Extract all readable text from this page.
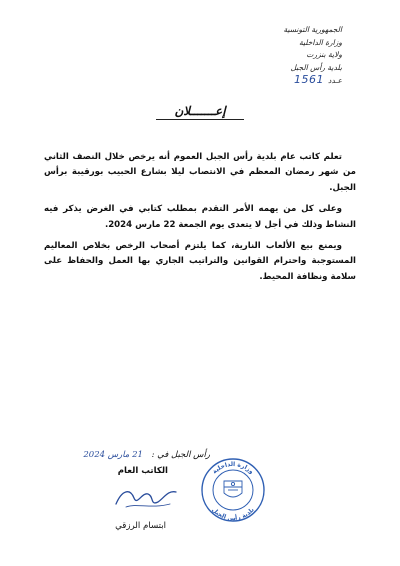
الجمهورية التونسية
وزارة الداخلية
ولاية بنزرت
بلدية رأس الجبل
عـدد
1561
إعـــــــلان

تعلم كاتب عام بلدية رأس الجبل العموم أنه يرخص خلال النصف الثاني من شهر رمضان المعظم في الانتصاب ليلا بشارع الحبيب بورقيبة برأس الجبل.

وعلى كل من يهمه الأمر التقدم بمطلب كتابي في الغرض يذكر فيه النشاط وذلك في أجل لا يتعدى يوم الجمعة 22 مارس 2024.

ويمنع بيع الألعاب النارية، كما يلتزم أصحاب الرخص بخلاص المعاليم المستوجبة واحترام القوانين والتراتيب الجاري بها العمل والحفاظ على سلامة ونظافة المحيط.

رأس الجبل في : 21 مارس 2024
الكاتب العام	وزارة الداخلية
بلدية رأس الجبل
ابتسام الرزقي
